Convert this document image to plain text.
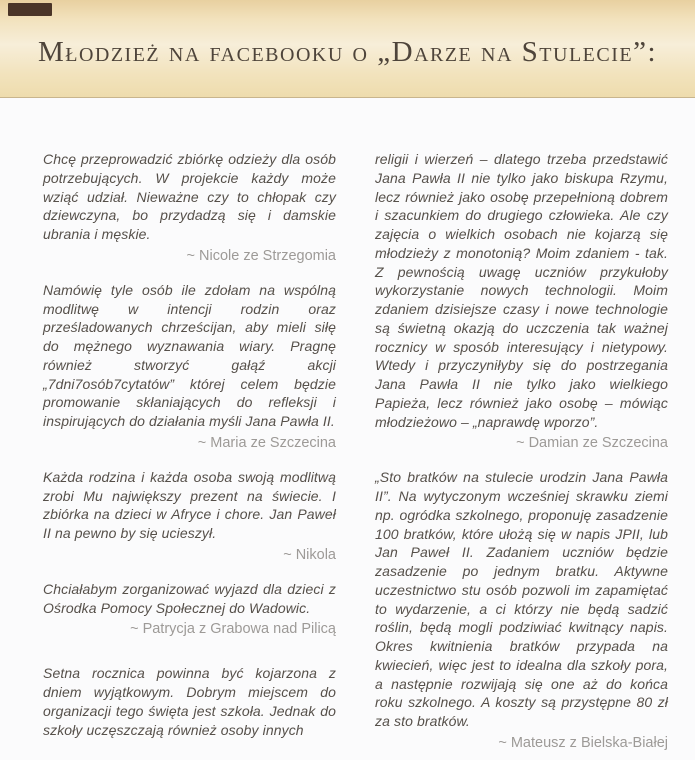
Młodzież na facebooku o „Darze na Stulecie”:

Chcę przeprowadzić zbiórkę odzieży dla osób potrzebujących. W projekcie każdy może wziąć udział. Nieważne czy to chłopak czy dziewczyna, bo przydadzą się i damskie ubrania i męskie.

~ Nicole ze Strzegomia

Namówię tyle osób ile zdołam na wspólną modlitwę w intencji rodzin oraz prześladowanych chrześcijan, aby mieli siłę do mężnego wyznawania wiary. Pragnę również stworzyć gałąź akcji „7dni7osób7cytatów” której celem będzie promowanie skłaniających do refleksji i inspirujących do działania myśli Jana Pawła II.

~ Maria ze Szczecina

Każda rodzina i każda osoba swoją modlitwą zrobi Mu największy prezent na świecie. I zbiórka na dzieci w Afryce i chore. Jan Paweł II na pewno by się ucieszył.

~ Nikola

Chciałabym zorganizować wyjazd dla dzieci z Ośrodka Pomocy Społecznej do Wadowic.

~ Patrycja z Grabowa nad Pilicą

Setna rocznica powinna być kojarzona z dniem wyjątkowym. Dobrym miejscem do organizacji tego święta jest szkoła. Jednak do szkoły uczęszczają również osoby innych

religii i wierzeń – dlatego trzeba przedstawić Jana Pawła II nie tylko jako biskupa Rzymu, lecz również jako osobę przepełnioną dobrem i szacunkiem do drugiego człowieka. Ale czy zajęcia o wielkich osobach nie kojarzą się młodzieży z monotonią? Moim zdaniem - tak. Z pewnością uwagę uczniów przykułoby wykorzystanie nowych technologii. Moim zdaniem dzisiejsze czasy i nowe technologie są świetną okazją do uczczenia tak ważnej rocznicy w sposób interesujący i nietypowy. Wtedy i przyczyniłyby się do postrzegania Jana Pawła II nie tylko jako wielkiego Papieża, lecz również jako osobę – mówiąc młodzieżowo – „naprawdę wporzo”.

~ Damian ze Szczecina

„Sto bratków na stulecie urodzin Jana Pawła II”. Na wytyczonym wcześniej skrawku ziemi np. ogródka szkolnego, proponuję zasadzenie 100 bratków, które ułożą się w napis JPII, lub Jan Paweł II. Zadaniem uczniów będzie zasadzenie po jednym bratku. Aktywne uczestnictwo stu osób pozwoli im zapamiętać to wydarzenie, a ci którzy nie będą sadzić roślin, będą mogli podziwiać kwitnący napis. Okres kwitnienia bratków przypada na kwiecień, więc jest to idealna dla szkoły pora, a następnie rozwijają się one aż do końca roku szkolnego. A koszty są przystępne 80 zł za sto bratków.

~ Mateusz z Bielska-Białej
